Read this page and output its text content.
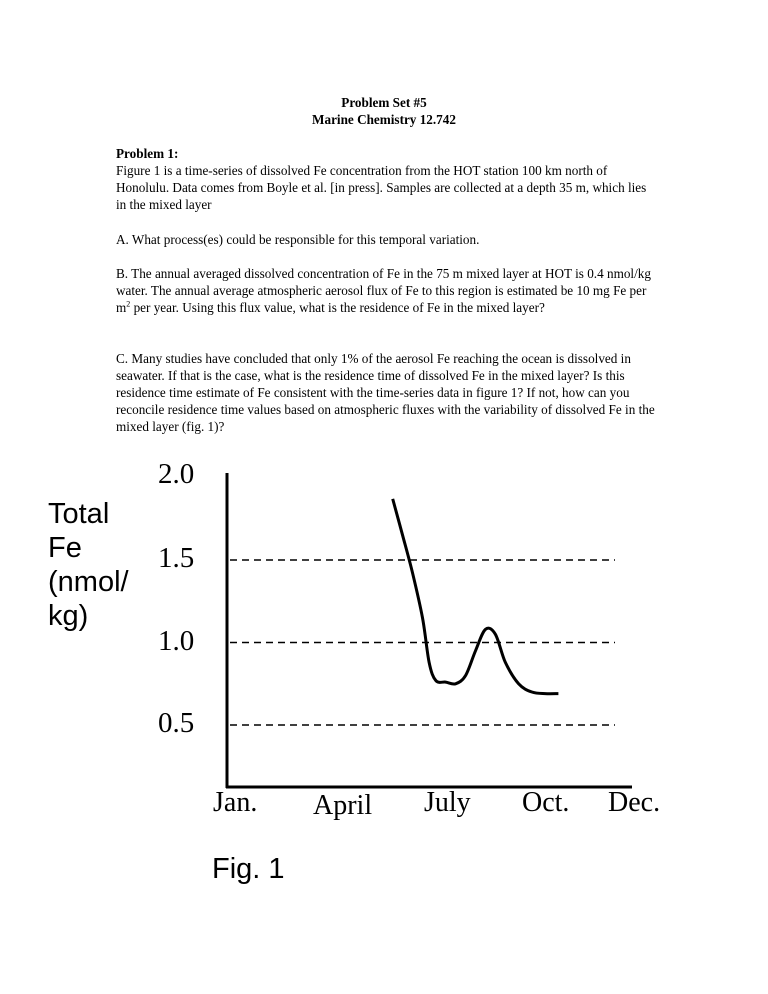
Problem Set #5
Marine Chemistry 12.742
Problem 1:

Figure 1 is a time-series of dissolved Fe concentration from the HOT station 100 km north of Honolulu. Data comes from Boyle et al. [in press]. Samples are collected at a depth 35 m, which lies in the mixed layer

A. What process(es) could be responsible for this temporal variation.

B. The annual averaged dissolved concentration of Fe in the 75 m mixed layer at HOT is 0.4 nmol/kg water. The annual average atmospheric aerosol flux of Fe to this region is estimated be 10 mg Fe per $m^2$ per year. Using this flux value, what is the residence of Fe in the mixed layer?

C. Many studies have concluded that only 1% of the aerosol Fe reaching the ocean is dissolved in seawater. If that is the case, what is the residence time of dissolved Fe in the mixed layer? Is this residence time estimate of Fe consistent with the time-series data in figure 1? If not, how can you reconcile residence time values based on atmospheric fluxes with the variability of dissolved Fe in the mixed layer (fig. 1)?

Total
Fe
(nmol/
kg)
2.0
1.5
1.0
0.5
Jan. April July Oct. Dec.
Fig. 1
